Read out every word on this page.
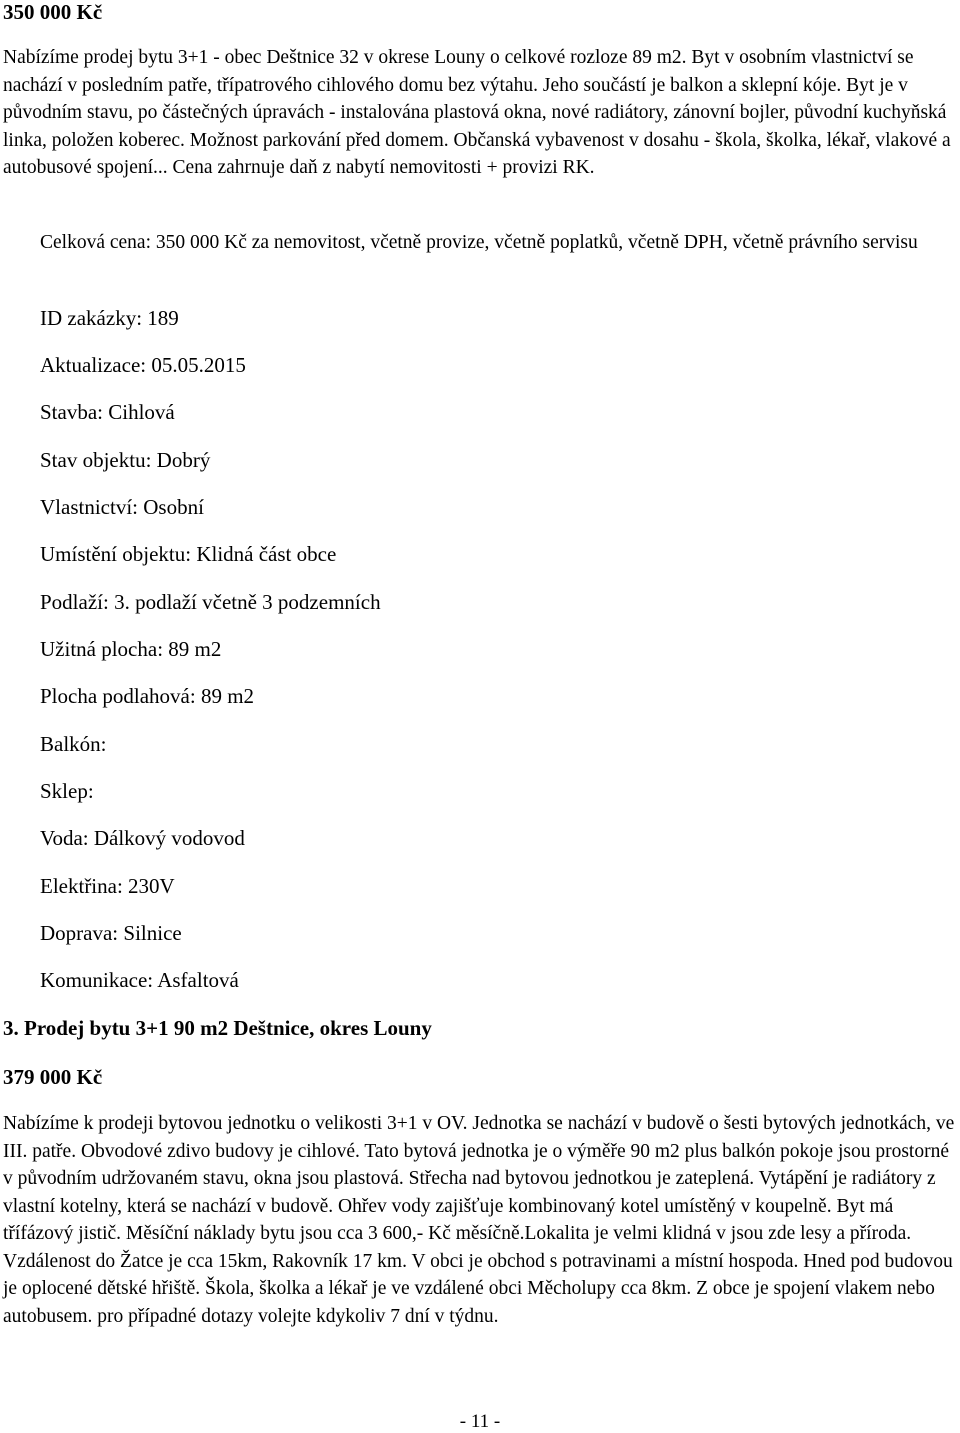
350 000 Kč

Nabízíme prodej bytu 3+1 - obec Deštnice 32 v okrese Louny o celkové rozloze 89 m2. Byt v osobním vlastnictví se nachází v posledním patře, třípatrového cihlového domu bez výtahu. Jeho součástí je balkon a sklepní kóje. Byt je v původním stavu, po částečných úpravách - instalována plastová okna, nové radiátory, zánovní bojler, původní kuchyňská linka, položen koberec. Možnost parkování před domem. Občanská vybavenost v dosahu - škola, školka, lékař, vlakové a autobusové spojení... Cena zahrnuje daň z nabytí nemovitosti + provizi RK.

Celková cena: 350 000 Kč za nemovitost, včetně provize, včetně poplatků, včetně DPH, včetně právního servisu

ID zakázky: 189

Aktualizace: 05.05.2015

Stavba: Cihlová

Stav objektu: Dobrý

Vlastnictví: Osobní

Umístění objektu: Klidná část obce

Podlaží: 3. podlaží včetně 3 podzemních

Užitná plocha: 89 m2

Plocha podlahová: 89 m2

Balkón:

Sklep:

Voda: Dálkový vodovod

Elektřina: 230V

Doprava: Silnice

Komunikace: Asfaltová

3. Prodej bytu 3+1 90 m2 Deštnice, okres Louny

379 000 Kč

Nabízíme k prodeji bytovou jednotku o velikosti 3+1 v OV. Jednotka se nachází v budově o šesti bytových jednotkách, ve III. patře. Obvodové zdivo budovy je cihlové. Tato bytová jednotka je o výměře 90 m2 plus balkón pokoje jsou prostorné v původním udržovaném stavu, okna jsou plastová. Střecha nad bytovou jednotkou je zateplená. Vytápění je radiátory z vlastní kotelny, která se nachází v budově. Ohřev vody zajišťuje kombinovaný kotel umístěný v koupelně. Byt má třífázový jistič. Měsíční náklady bytu jsou cca 3 600,- Kč měsíčně.Lokalita je velmi klidná v jsou zde lesy a příroda. Vzdálenost do Žatce je cca 15km, Rakovník 17 km. V obci je obchod s potravinami a místní hospoda. Hned pod budovou je oplocené dětské hřiště. Škola, školka a lékař je ve vzdálené obci Měcholupy cca 8km. Z obce je spojení vlakem nebo autobusem. pro případné dotazy volejte kdykoliv 7 dní v týdnu.

- 11 -
